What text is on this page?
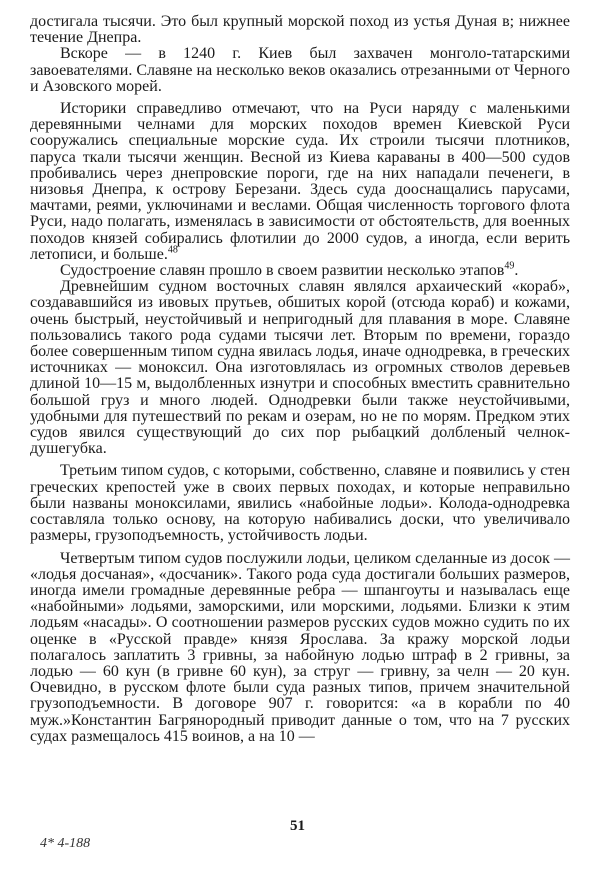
достигала тысячи. Это был крупный морской поход из устья Дуная в; нижнее течение Днепра.

Вскоре — в 1240 г. Киев был захвачен монголо-татарскими завоевателями. Славяне на несколько веков оказались отрезанными от Черного и Азовского морей.

Историки справедливо отмечают, что на Руси наряду с маленькими деревянными челнами для морских походов времен Киевской Руси сооружались специальные морские суда. Их строили тысячи плотников, паруса ткали тысячи женщин. Весной из Киева караваны в 400—500 судов пробивались через днепровские пороги, где на них нападали печенеги, в низовья Днепра, к острову Березани. Здесь суда дооснащались парусами, мачтами, реями, уключинами и веслами. Общая численность торгового флота Руси, надо полагать, изменялась в зависимости от обстоятельств, для военных походов князей собирались флотилии до 2000 судов, а иногда, если верить летописи, и больше.$^{48}$

Судостроение славян прошло в своем развитии несколько этапов$^{49}$.

Древнейшим судном восточных славян являлся архаический «кораб», создававшийся из ивовых прутьев, обшитых корой (отсюда кораб) и кожами, очень быстрый, неустойчивый и непригодный для плавания в море. Славяне пользовались такого рода судами тысячи лет. Вторым по времени, гораздо более совершенным типом судна явилась лодья, иначе однодревка, в греческих источниках — моноксил. Она изготовлялась из огромных стволов деревьев длиной 10—15 м, выдолбленных изнутри и способных вместить сравнительно большой груз и много людей. Однодревки были также неустойчивыми, удобными для путешествий по рекам и озерам, но не по морям. Предком этих судов явился существующий до сих пор рыбацкий долбленый челнок-душегубка.

Третьим типом судов, с которыми, собственно, славяне и появились у стен греческих крепостей уже в своих первых походах, и которые неправильно были названы моноксилами, явились «набойные лодьи». Колода-однодревка составляла только основу, на которую набивались доски, что увеличивало размеры, грузоподъемность, устойчивость лодьи.

Четвертым типом судов послужили лодьи, целиком сделанные из досок — «лодья досчаная», «досчаник». Такого рода суда достигали больших размеров, иногда имели громадные деревянные ребра — шпангоуты и называлась еще «набойными» лодьями, заморскими, или морскими, лодьями. Близки к этим лодьям «насады». О соотношении размеров русских судов можно судить по их оценке в «Русской правде» князя Ярослава. За кражу морской лодьи полагалось заплатить 3 гривны, за набойную лодью штраф в 2 гривны, за лодью — 60 кун (в гривне 60 кун), за струг — гривну, за челн — 20 кун. Очевидно, в русском флоте были суда разных типов, причем значительной грузоподъемности. В договоре 907 г. говорится: «а в корабли по 40 муж.»Константин Багрянородный приводит данные о том, что на 7 русских судах размещалось 415 воинов, а на 10 —

51
4* 4-188
